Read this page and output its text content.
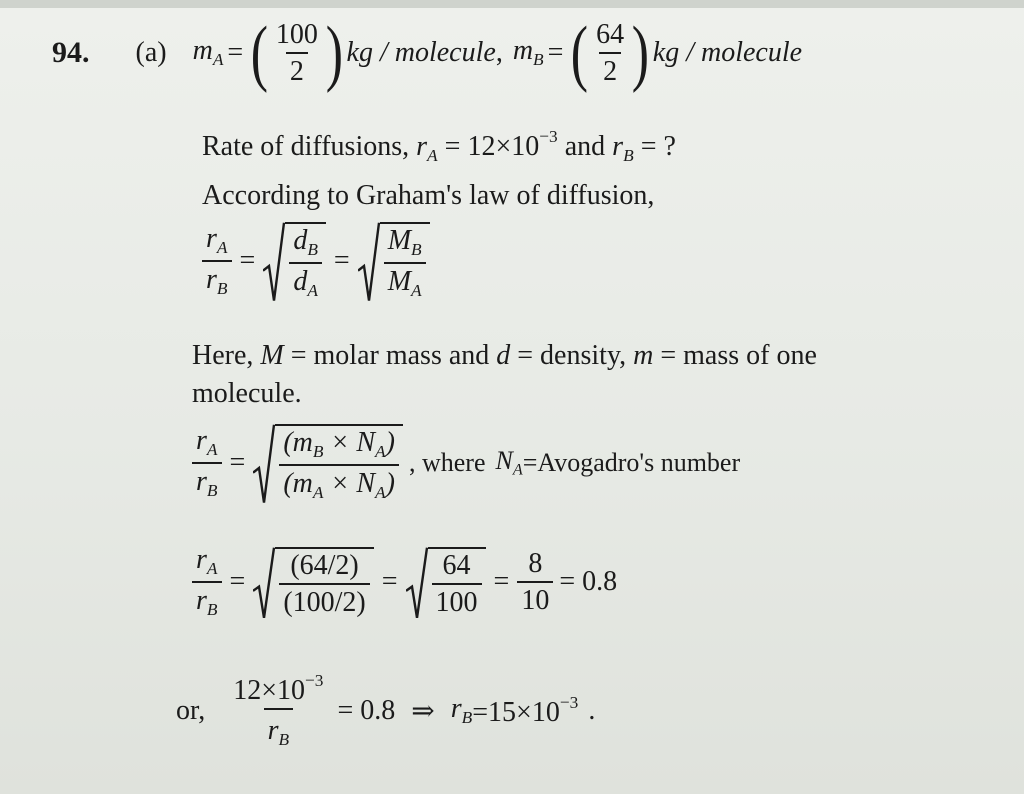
94. (a) $m_A$ = ( $\frac{100}{2}$ ) kg / molecule , $m_B$ = ( $\frac{64}{2}$ ) kg / molecule
Rate of diffusions, $r_A = 12\times 10^{-3}$ and $r_B$ = ?
According to Graham's law of diffusion,
$\frac{r_A}{r_B} = \frac{d_B}{d_A} = \frac{M_B}{M_A}$
Here, M = molar mass and d = density, m = mass of one
molecule.
$\frac{r_A}{r_B} = \frac{(m_B \times N_A)}{(m_A \times N_A)}$ , where $N_A$ =Avogadro's number
$\frac{r_A}{r_B} = \frac{(64/2)}{(100/2)} = \frac{64}{100} = \frac{8}{10} = 0.8$
or, $\frac{12\times 10^{-3}}{r_B} = 0.8$ ⇒ $r_B =15\times 10^{-3}$ .
